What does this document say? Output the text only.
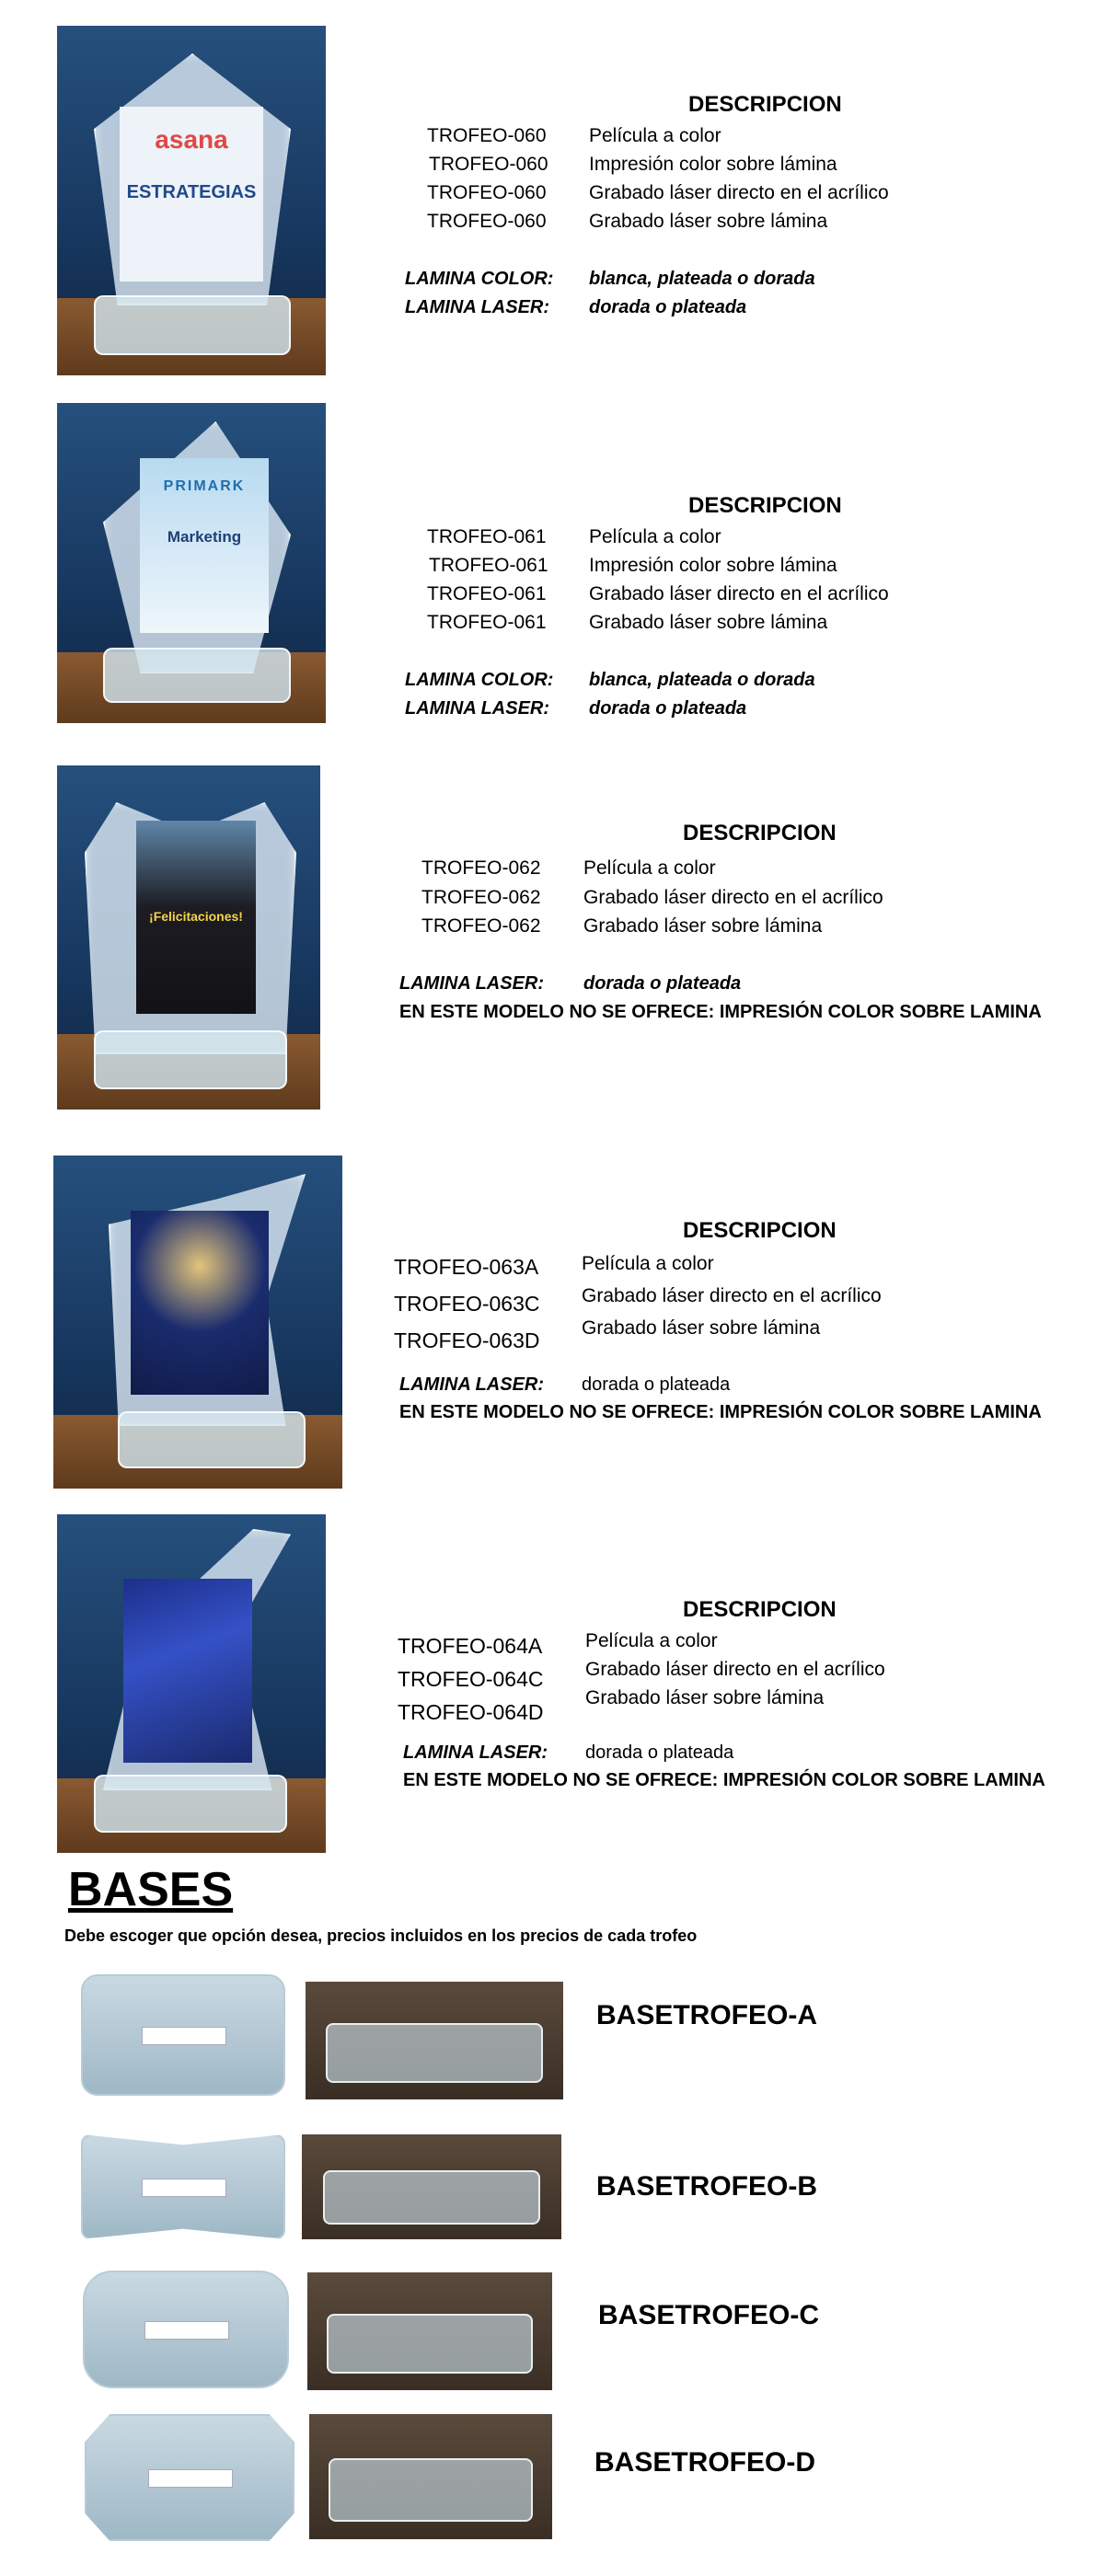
asana
ESTRATEGIAS
DESCRIPCION
TROFEO-060 Película a color
TROFEO-060 Impresión color sobre lámina
TROFEO-060 Grabado láser directo en el acrílico
TROFEO-060 Grabado láser sobre lámina
LAMINA COLOR: blanca, plateada o dorada
LAMINA LASER: dorada o plateada
PRIMARK
Marketing
DESCRIPCION
TROFEO-061 Película a color
TROFEO-061 Impresión color sobre lámina
TROFEO-061 Grabado láser directo en el acrílico
TROFEO-061 Grabado láser sobre lámina
LAMINA COLOR: blanca, plateada o dorada
LAMINA LASER: dorada o plateada
¡Felicitaciones!
DESCRIPCION
TROFEO-062 Película a color
TROFEO-062 Grabado láser directo en el acrílico
TROFEO-062 Grabado láser sobre lámina
LAMINA LASER: dorada o plateada
EN ESTE MODELO NO SE OFRECE: IMPRESIÓN COLOR SOBRE LAMINA
DESCRIPCION
TROFEO-063A
TROFEO-063C
TROFEO-063D
Película a color
Grabado láser directo en el acrílico
Grabado láser sobre lámina
LAMINA LASER: dorada o plateada
EN ESTE MODELO NO SE OFRECE: IMPRESIÓN COLOR SOBRE LAMINA
DESCRIPCION
TROFEO-064A
TROFEO-064C
TROFEO-064D
Película a color
Grabado láser directo en el acrílico
Grabado láser sobre lámina
LAMINA LASER: dorada o plateada
EN ESTE MODELO NO SE OFRECE: IMPRESIÓN COLOR SOBRE LAMINA
BASES
Debe escoger que opción desea, precios incluidos en los precios de cada trofeo
BASETROFEO-A
BASETROFEO-B
BASETROFEO-C
BASETROFEO-D
